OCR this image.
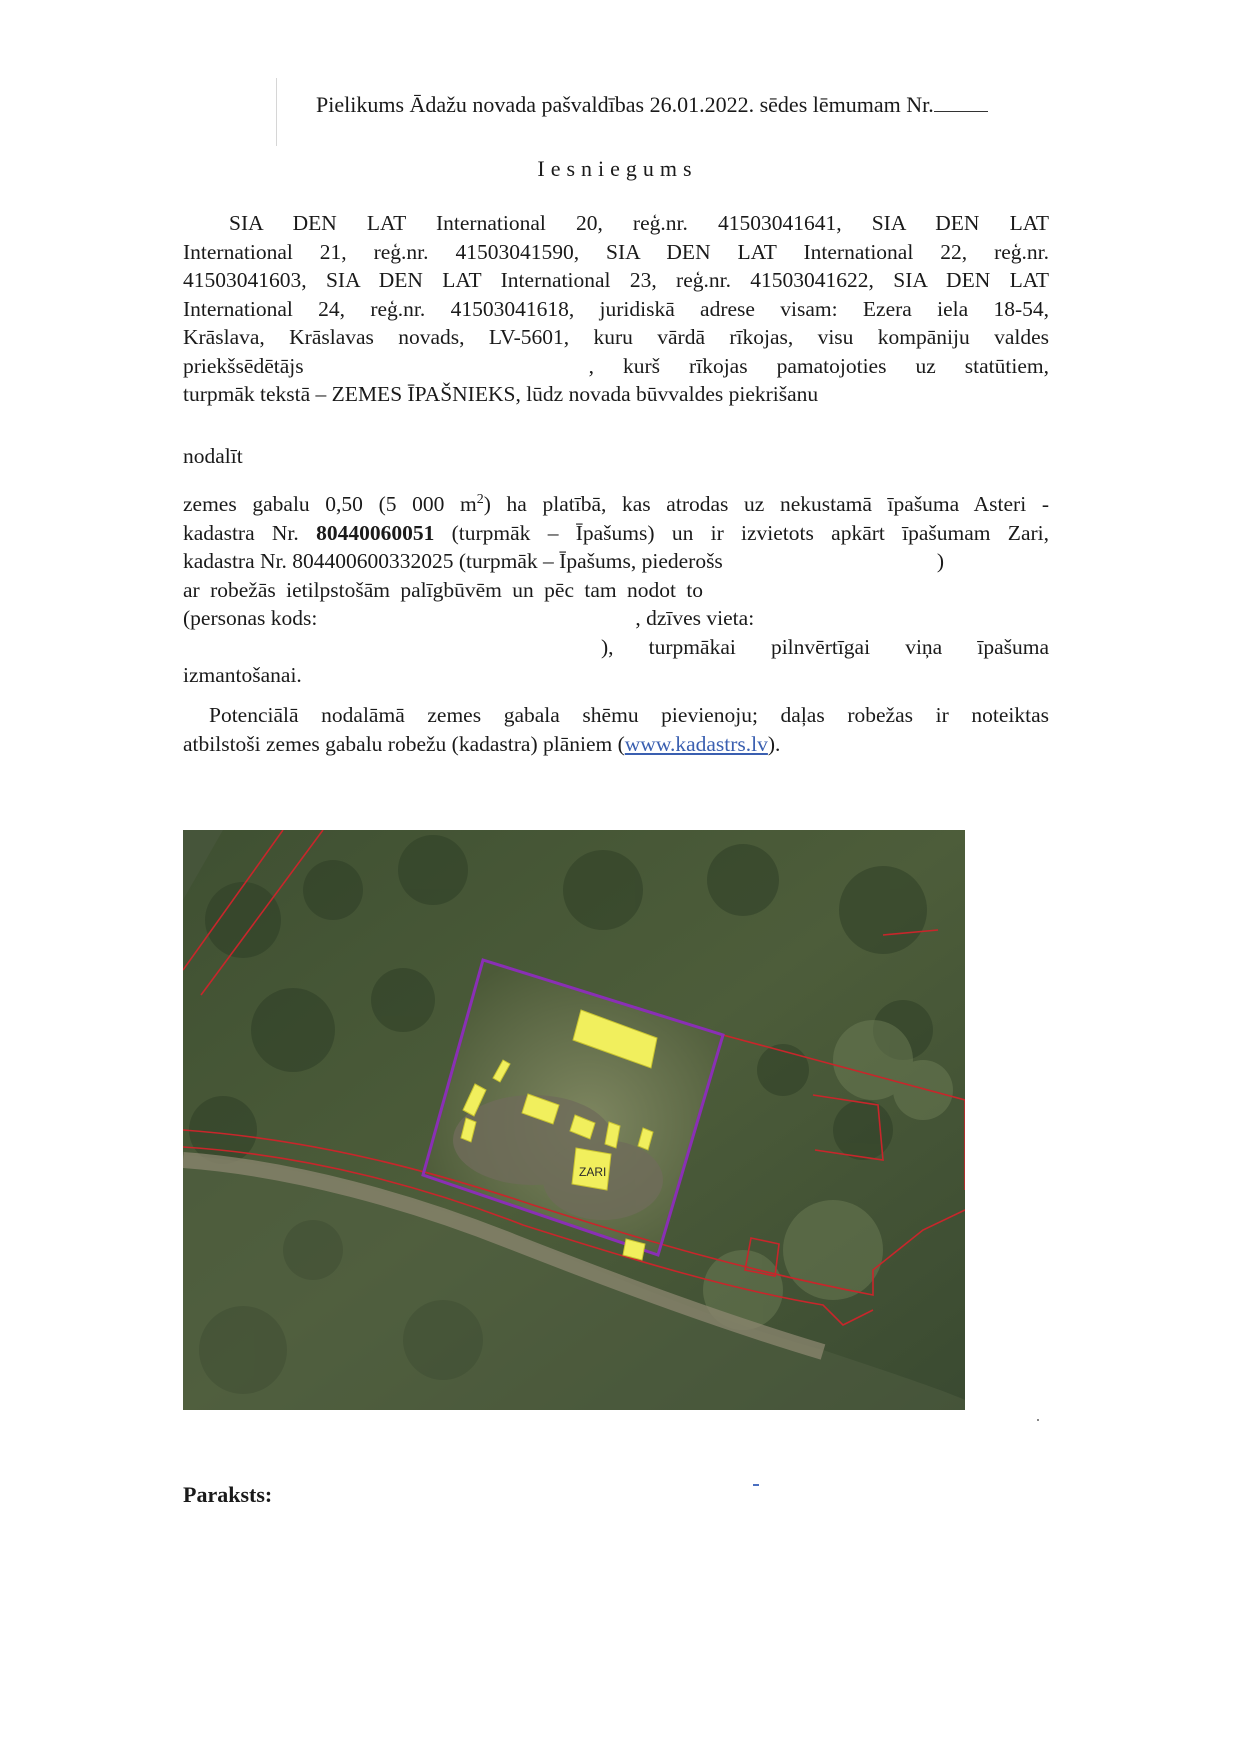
Pielikums Ādažu novada pašvaldības 26.01.2022. sēdes lēmumam Nr.
Iesniegums
SIA DEN LAT International 20, reģ.nr. 41503041641, SIA DEN LAT
International 21, reģ.nr. 41503041590, SIA DEN LAT International 22, reģ.nr.
41503041603, SIA DEN LAT International 23, reģ.nr. 41503041622, SIA DEN LAT
International 24, reģ.nr. 41503041618, juridiskā adrese visam: Ezera iela 18-54,
Krāslava, Krāslavas novads, LV-5601, kuru vārdā rīkojas, visu kompāniju valdes
priekšsēdētājs	, kurš rīkojas pamatojoties uz statūtiem,
turpmāk tekstā – ZEMES ĪPAŠNIEKS, lūdz novada būvvaldes piekrišanu
nodalīt
zemes gabalu 0,50 (5 000 $m^2$) ha platībā, kas atrodas uz nekustamā īpašuma Asteri -
kadastra Nr. 80440060051 (turpmāk – Īpašums) un ir izvietots apkārt īpašumam Zari,
kadastra Nr. 804400600332025 (turpmāk – Īpašums, piederošs	)
ar robežās ietilpstošām palīgbūvēm un pēc tam nodot to
(personas kods:	, dzīves vieta:
), turpmākai pilnvērtīgai viņa īpašuma
izmantošanai.
Potenciālā nodalāmā zemes gabala shēmu pievienoju; daļas robežas ir noteiktas
atbilstoši zemes gabalu robežu (kadastra) plāniem (www.kadastrs.lv).
ZARI
Paraksts:
